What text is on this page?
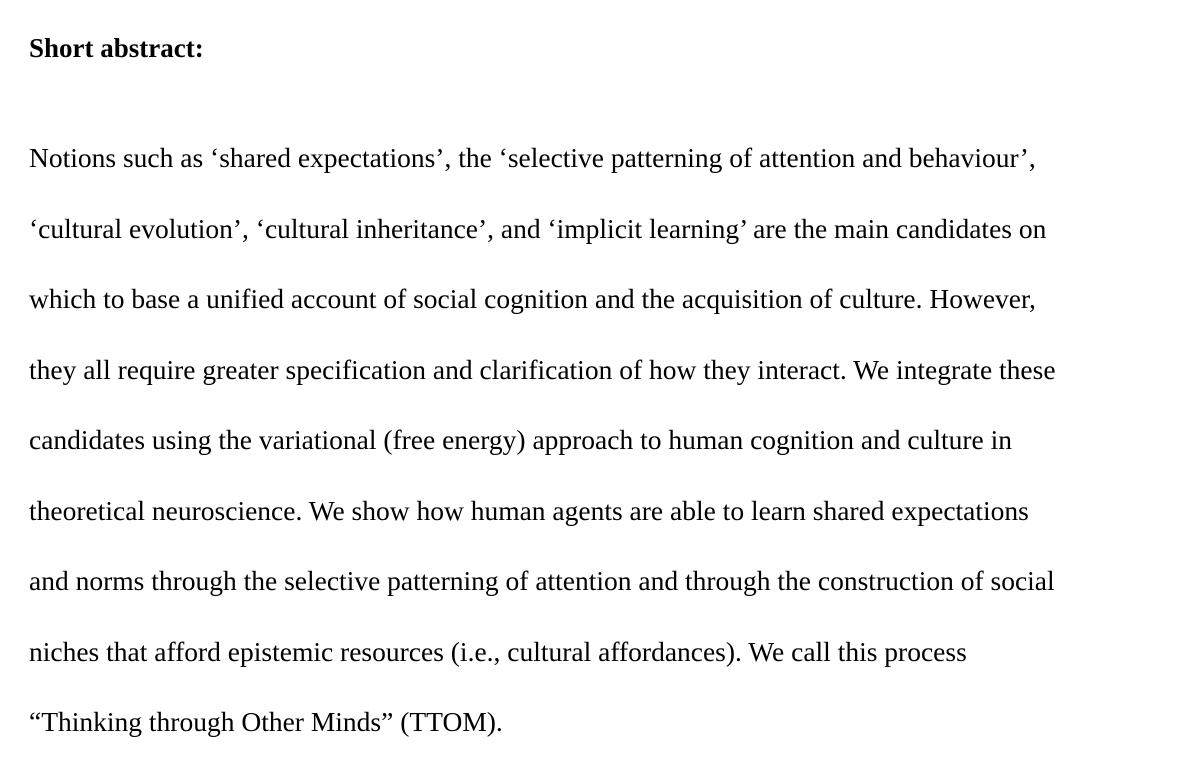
Short abstract:
Notions such as ‘shared expectations’, the ‘selective patterning of attention and behaviour’,
‘cultural evolution’, ‘cultural inheritance’, and ‘implicit learning’ are the main candidates on
which to base a unified account of social cognition and the acquisition of culture. However,
they all require greater specification and clarification of how they interact. We integrate these
candidates using the variational (free energy) approach to human cognition and culture in
theoretical neuroscience. We show how human agents are able to learn shared expectations
and norms through the selective patterning of attention and through the construction of social
niches that afford epistemic resources (i.e., cultural affordances). We call this process
“Thinking through Other Minds” (TTOM).
